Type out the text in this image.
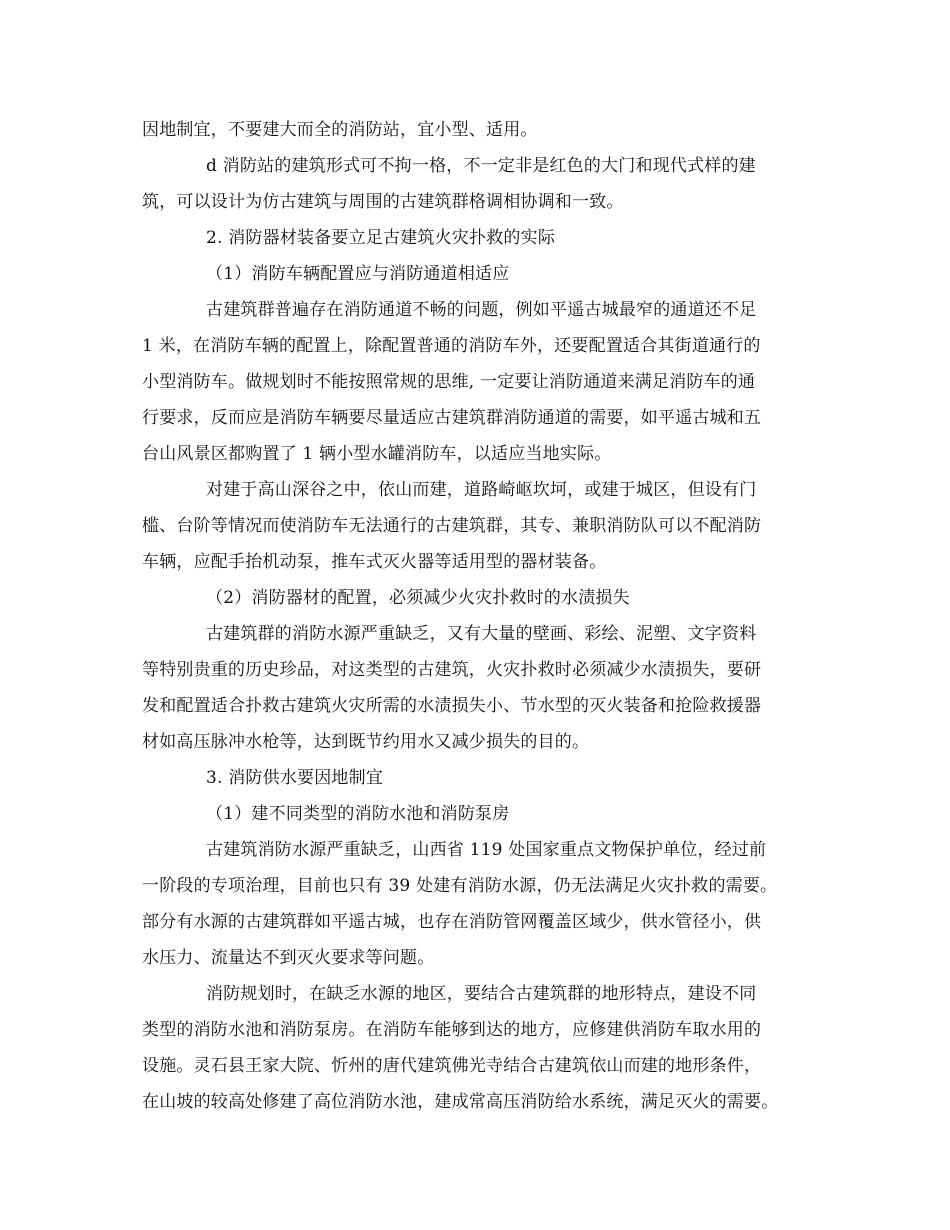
因地制宜，不要建大而全的消防站，宜小型、适用。
d 消防站的建筑形式可不拘一格，不一定非是红色的大门和现代式样的建
筑，可以设计为仿古建筑与周围的古建筑群格调相协调和一致。
2. 消防器材装备要立足古建筑火灾扑救的实际
（1）消防车辆配置应与消防通道相适应
古建筑群普遍存在消防通道不畅的问题，例如平遥古城最窄的通道还不足
1 米，在消防车辆的配置上，除配置普通的消防车外，还要配置适合其街道通行的
小型消防车。做规划时不能按照常规的思维, 一定要让消防通道来满足消防车的通
行要求，反而应是消防车辆要尽量适应古建筑群消防通道的需要，如平遥古城和五
台山风景区都购置了 1 辆小型水罐消防车，以适应当地实际。
对建于高山深谷之中，依山而建，道路崎岖坎坷，或建于城区，但设有门
槛、台阶等情况而使消防车无法通行的古建筑群，其专、兼职消防队可以不配消防
车辆，应配手抬机动泵，推车式灭火器等适用型的器材装备。
（2）消防器材的配置，必须减少火灾扑救时的水渍损失
古建筑群的消防水源严重缺乏，又有大量的壁画、彩绘、泥塑、文字资料
等特别贵重的历史珍品，对这类型的古建筑，火灾扑救时必须减少水渍损失，要研
发和配置适合扑救古建筑火灾所需的水渍损失小、节水型的灭火装备和抢险救援器
材如高压脉冲水枪等，达到既节约用水又减少损失的目的。
3. 消防供水要因地制宜
（1）建不同类型的消防水池和消防泵房
古建筑消防水源严重缺乏，山西省 119 处国家重点文物保护单位，经过前
一阶段的专项治理，目前也只有 39 处建有消防水源，仍无法满足火灾扑救的需要。
部分有水源的古建筑群如平遥古城，也存在消防管网覆盖区域少，供水管径小，供
水压力、流量达不到灭火要求等问题。
消防规划时，在缺乏水源的地区，要结合古建筑群的地形特点，建设不同
类型的消防水池和消防泵房。在消防车能够到达的地方，应修建供消防车取水用的
设施。灵石县王家大院、忻州的唐代建筑佛光寺结合古建筑依山而建的地形条件，
在山坡的较高处修建了高位消防水池，建成常高压消防给水系统，满足灭火的需要。
